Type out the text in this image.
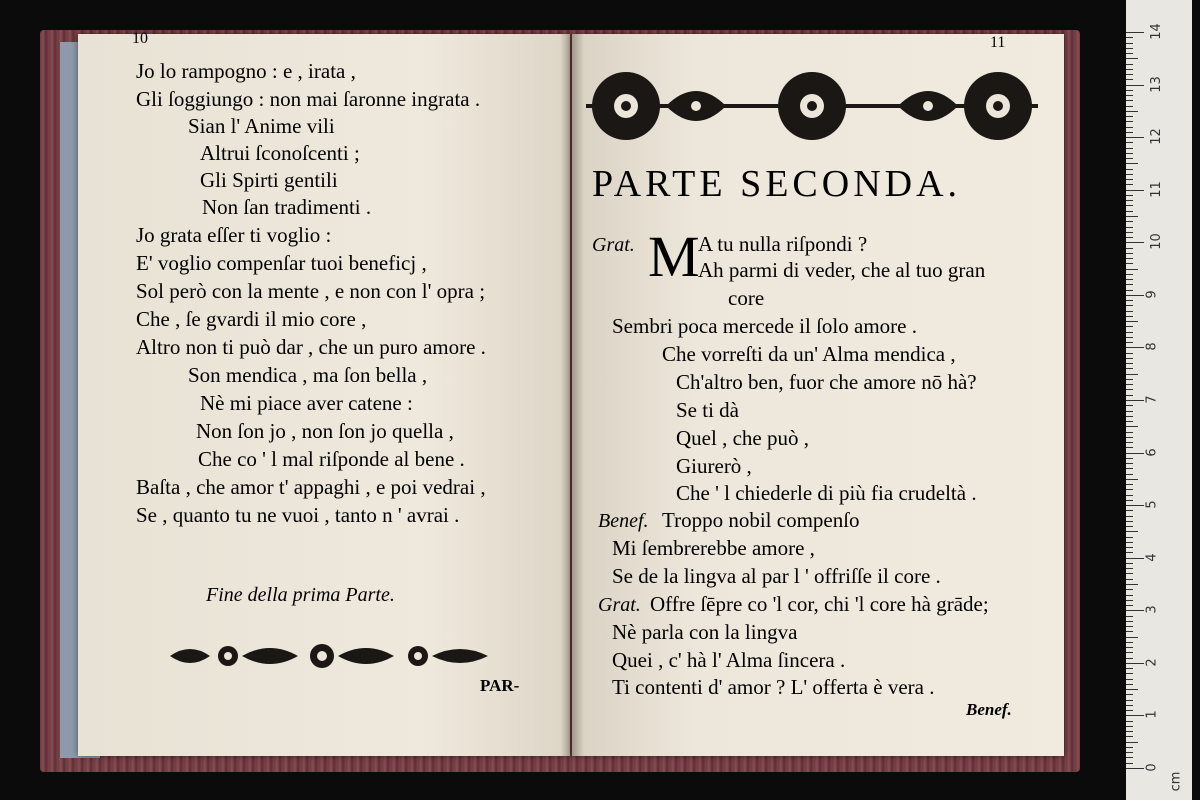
10
Jo lo rampogno : e , irata ,
Gli ſoggiungo : non mai ſaronne ingrata .
Sian l' Anime vili
Altrui ſconoſcenti ;
Gli Spirti gentili
Non ſan tradimenti .
Jo grata eſſer ti voglio :
E' voglio compenſar tuoi beneficj ,
Sol però con la mente , e non con l' opra ;
Che , ſe gvardi il mio core ,
Altro non ti può dar , che un puro amore .
Son mendica , ma ſon bella ,
Nè mi piace aver catene :
Non ſon jo , non ſon jo quella ,
Che co ' l mal riſponde al bene .
Baſta , che amor t' appaghi , e poi vedrai ,
Se , quanto tu ne vuoi , tanto n ' avrai .
Fine della prima Parte.
PAR-
11
PARTE SECONDA.
Grat. M
A tu nulla riſpondi ?
Ah parmi di veder, che al tuo gran
core
Sembri poca mercede il ſolo amore .
Che vorreſti da un' Alma mendica ,
Ch'altro ben, fuor che amore nō hà?
Se ti dà
Quel , che può ,
Giurerò ,
Che ' l chiederle di più fia crudeltà .
Benef. Troppo nobil compenſo
Mi ſembrerebbe amore ,
Se de la lingva al par l ' offriſſe il core .
Grat. Offre ſēpre co 'l cor, chi 'l core hà grāde;
Nè parla con la lingva
Quei , c' hà l' Alma ſincera .
Ti contenti d' amor ? L' offerta è vera .
Benef.
0
1
2
3
4
5
6
7
8
9
10
11
12
13
14
cm
